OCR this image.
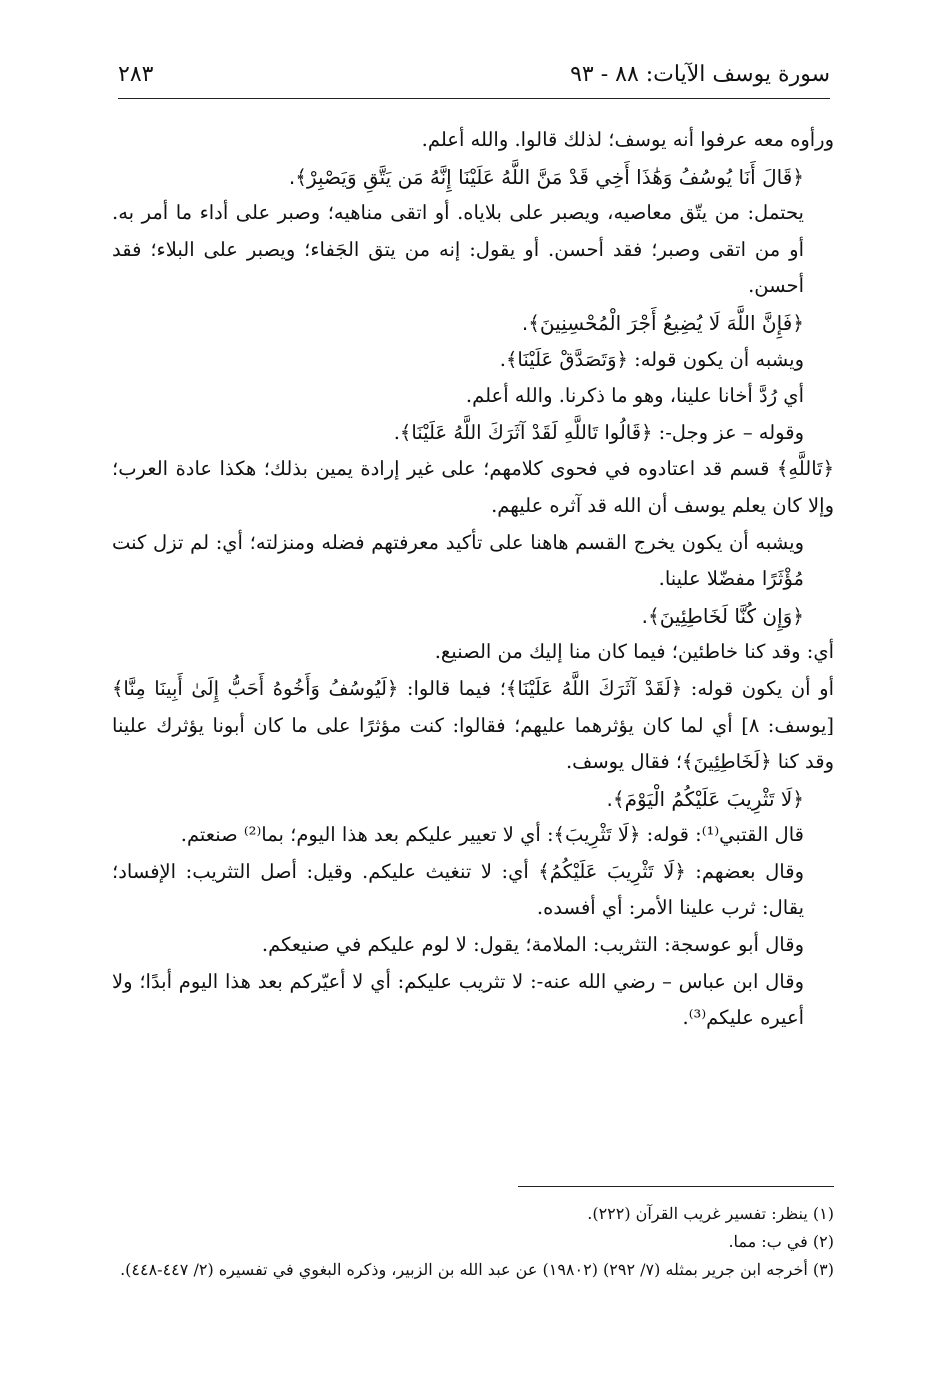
سورة يوسف الآيات: ٨٨ - ٩٣
٢٨٣

ورأوه معه عرفوا أنه يوسف؛ لذلك قالوا. والله أعلم.

﴿قَالَ أَنَا يُوسُفُ وَهَٰذَا أَخِي قَدْ مَنَّ اللَّهُ عَلَيْنَا إِنَّهُ مَن يَتَّقِ وَيَصْبِرْ﴾.

يحتمل: من يتّق معاصيه، ويصبر على بلاياه. أو اتقى مناهيه؛ وصبر على أداء ما أمر به. أو من اتقى وصبر؛ فقد أحسن. أو يقول: إنه من يتق الجَفاء؛ ويصبر على البلاء؛ فقد أحسن.

﴿فَإِنَّ اللَّهَ لَا يُضِيعُ أَجْرَ الْمُحْسِنِينَ﴾.

ويشبه أن يكون قوله: ﴿وَتَصَدَّقْ عَلَيْنَا﴾.

أي رُدَّ أخانا علينا، وهو ما ذكرنا. والله أعلم.

وقوله – عز وجل-: ﴿قَالُوا تَاللَّهِ لَقَدْ آثَرَكَ اللَّهُ عَلَيْنَا﴾.

﴿تَاللَّهِ﴾ قسم قد اعتادوه في فحوى كلامهم؛ على غير إرادة يمين بذلك؛ هكذا عادة العرب؛ وإلا كان يعلم يوسف أن الله قد آثره عليهم.

ويشبه أن يكون يخرج القسم هاهنا على تأكيد معرفتهم فضله ومنزلته؛ أي: لم تزل كنت مُؤْثَرًا مفضّلا علينا.

﴿وَإِن كُنَّا لَخَاطِئِينَ﴾.

أي: وقد كنا خاطئين؛ فيما كان منا إليك من الصنيع.

أو أن يكون قوله: ﴿لَقَدْ آثَرَكَ اللَّهُ عَلَيْنَا﴾؛ فيما قالوا: ﴿لَيُوسُفُ وَأَخُوهُ أَحَبُّ إِلَىٰ أَبِينَا مِنَّا﴾ [يوسف: ٨] أي لما كان يؤثرهما عليهم؛ فقالوا: كنت مؤثرًا على ما كان أبونا يؤثرك علينا وقد كنا ﴿لَخَاطِئِينَ﴾؛ فقال يوسف.

﴿لَا تَثْرِيبَ عَلَيْكُمُ الْيَوْمَ﴾.

قال القتبي⁽¹⁾: قوله: ﴿لَا تَثْرِيبَ﴾: أي لا تعيير عليكم بعد هذا اليوم؛ بما⁽²⁾ صنعتم.

وقال بعضهم: ﴿لَا تَثْرِيبَ عَلَيْكُمُ﴾ أي: لا تنغيث عليكم. وقيل: أصل التثريب: الإفساد؛ يقال: ثرب علينا الأمر: أي أفسده.

وقال أبو عوسجة: التثريب: الملامة؛ يقول: لا لوم عليكم في صنيعكم.

وقال ابن عباس – رضي الله عنه-: لا تثريب عليكم: أي لا أعيّركم بعد هذا اليوم أبدًا؛ ولا أعيره عليكم⁽³⁾.

(١) ينظر: تفسير غريب القرآن (٢٢٢).

(٢) في ب: مما.

(٣) أخرجه ابن جرير بمثله (٧/ ٢٩٢) (١٩٨٠٢) عن عبد الله بن الزبير، وذكره البغوي في تفسيره (٢/ ٤٤٧-٤٤٨).
